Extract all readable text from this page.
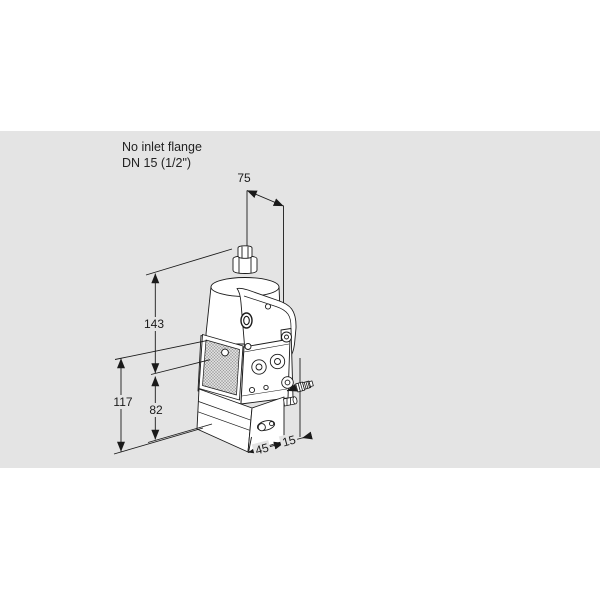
No inlet flange
DN 15 (1/2")
75
143
117
82
45 15
